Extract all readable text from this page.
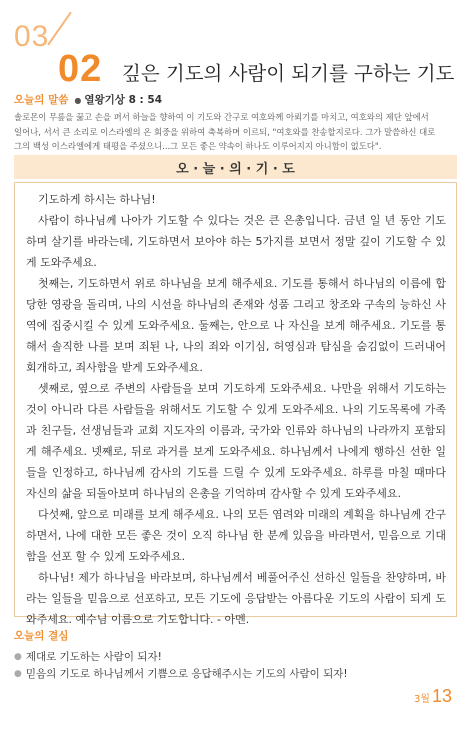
03
02 깊은 기도의 사람이 되기를 구하는 기도
오늘의 말씀
●	열왕기상 8 : 54
솔로몬이 무릎을 꿇고 손을 펴서 하늘을 향하여 이 기도와 간구로 여호와께 아뢰기를 마치고, 여호와의 제단 앞에서
일어나, 서서 큰 소리로 이스라엘의 온 회중을 위하여 축복하며 이르되, "여호와를 찬송할지로다. 그가 말씀하신 대로
그의 백성 이스라엘에게 태평을 주셨으니...그 모든 좋은 약속이 하나도 이루어지지 아니함이 없도다".
오 · 늘 · 의 · 기 · 도

기도하게 하시는 하나님!

사람이 하나님께 나아가 기도할 수 있다는 것은 큰 은총입니다. 금년 일 년 동안 기도하며 살기를 바라는데, 기도하면서 보아야 하는 5가지를 보면서 정말 깊이 기도할 수 있게 도와주세요.

첫째는, 기도하면서 위로 하나님을 보게 해주세요. 기도를 통해서 하나님의 이름에 합당한 영광을 돌리며, 나의 시선을 하나님의 존재와 성품 그리고 창조와 구속의 능하신 사역에 집중시킬 수 있게 도와주세요. 둘째는, 안으로 나 자신을 보게 해주세요. 기도를 통해서 솔직한 나를 보며 죄된 나, 나의 죄와 이기심, 허영심과 탐심을 숨김없이 드러내어 회개하고, 죄사함을 받게 도와주세요.

셋째로, 옆으로 주변의 사람들을 보며 기도하게 도와주세요. 나만을 위해서 기도하는 것이 아니라 다른 사람들을 위해서도 기도할 수 있게 도와주세요. 나의 기도목록에 가족과 친구들, 선생님들과 교회 지도자의 이름과, 국가와 인류와 하나님의 나라까지 포함되게 해주세요. 넷째로, 뒤로 과거를 보게 도와주세요. 하나님께서 나에게 행하신 선한 일들을 인정하고, 하나님께 감사의 기도를 드릴 수 있게 도와주세요. 하루를 마칠 때마다 자신의 삶을 되돌아보며 하나님의 은총을 기억하며 감사할 수 있게 도와주세요.

다섯째, 앞으로 미래를 보게 해주세요. 나의 모든 염려와 미래의 계획을 하나님께 간구하면서, 나에 대한 모든 좋은 것이 오직 하나님 한 분께 있음을 바라면서, 믿음으로 기대함을 선포 할 수 있게 도와주세요.

하나님! 제가 하나님을 바라보며, 하나님께서 베풀어주신 선하신 일들을 찬양하며, 바라는 일들을 믿음으로 선포하고, 모든 기도에 응답받는 아름다운 기도의 사람이 되게 도와주세요. 예수님 이름으로 기도합니다. - 아멘.

오늘의 결심
● 제대로 기도하는 사람이 되자!
● 믿음의 기도로 하나님께서 기쁨으로 응답해주시는 기도의 사람이 되자!
3월 13
